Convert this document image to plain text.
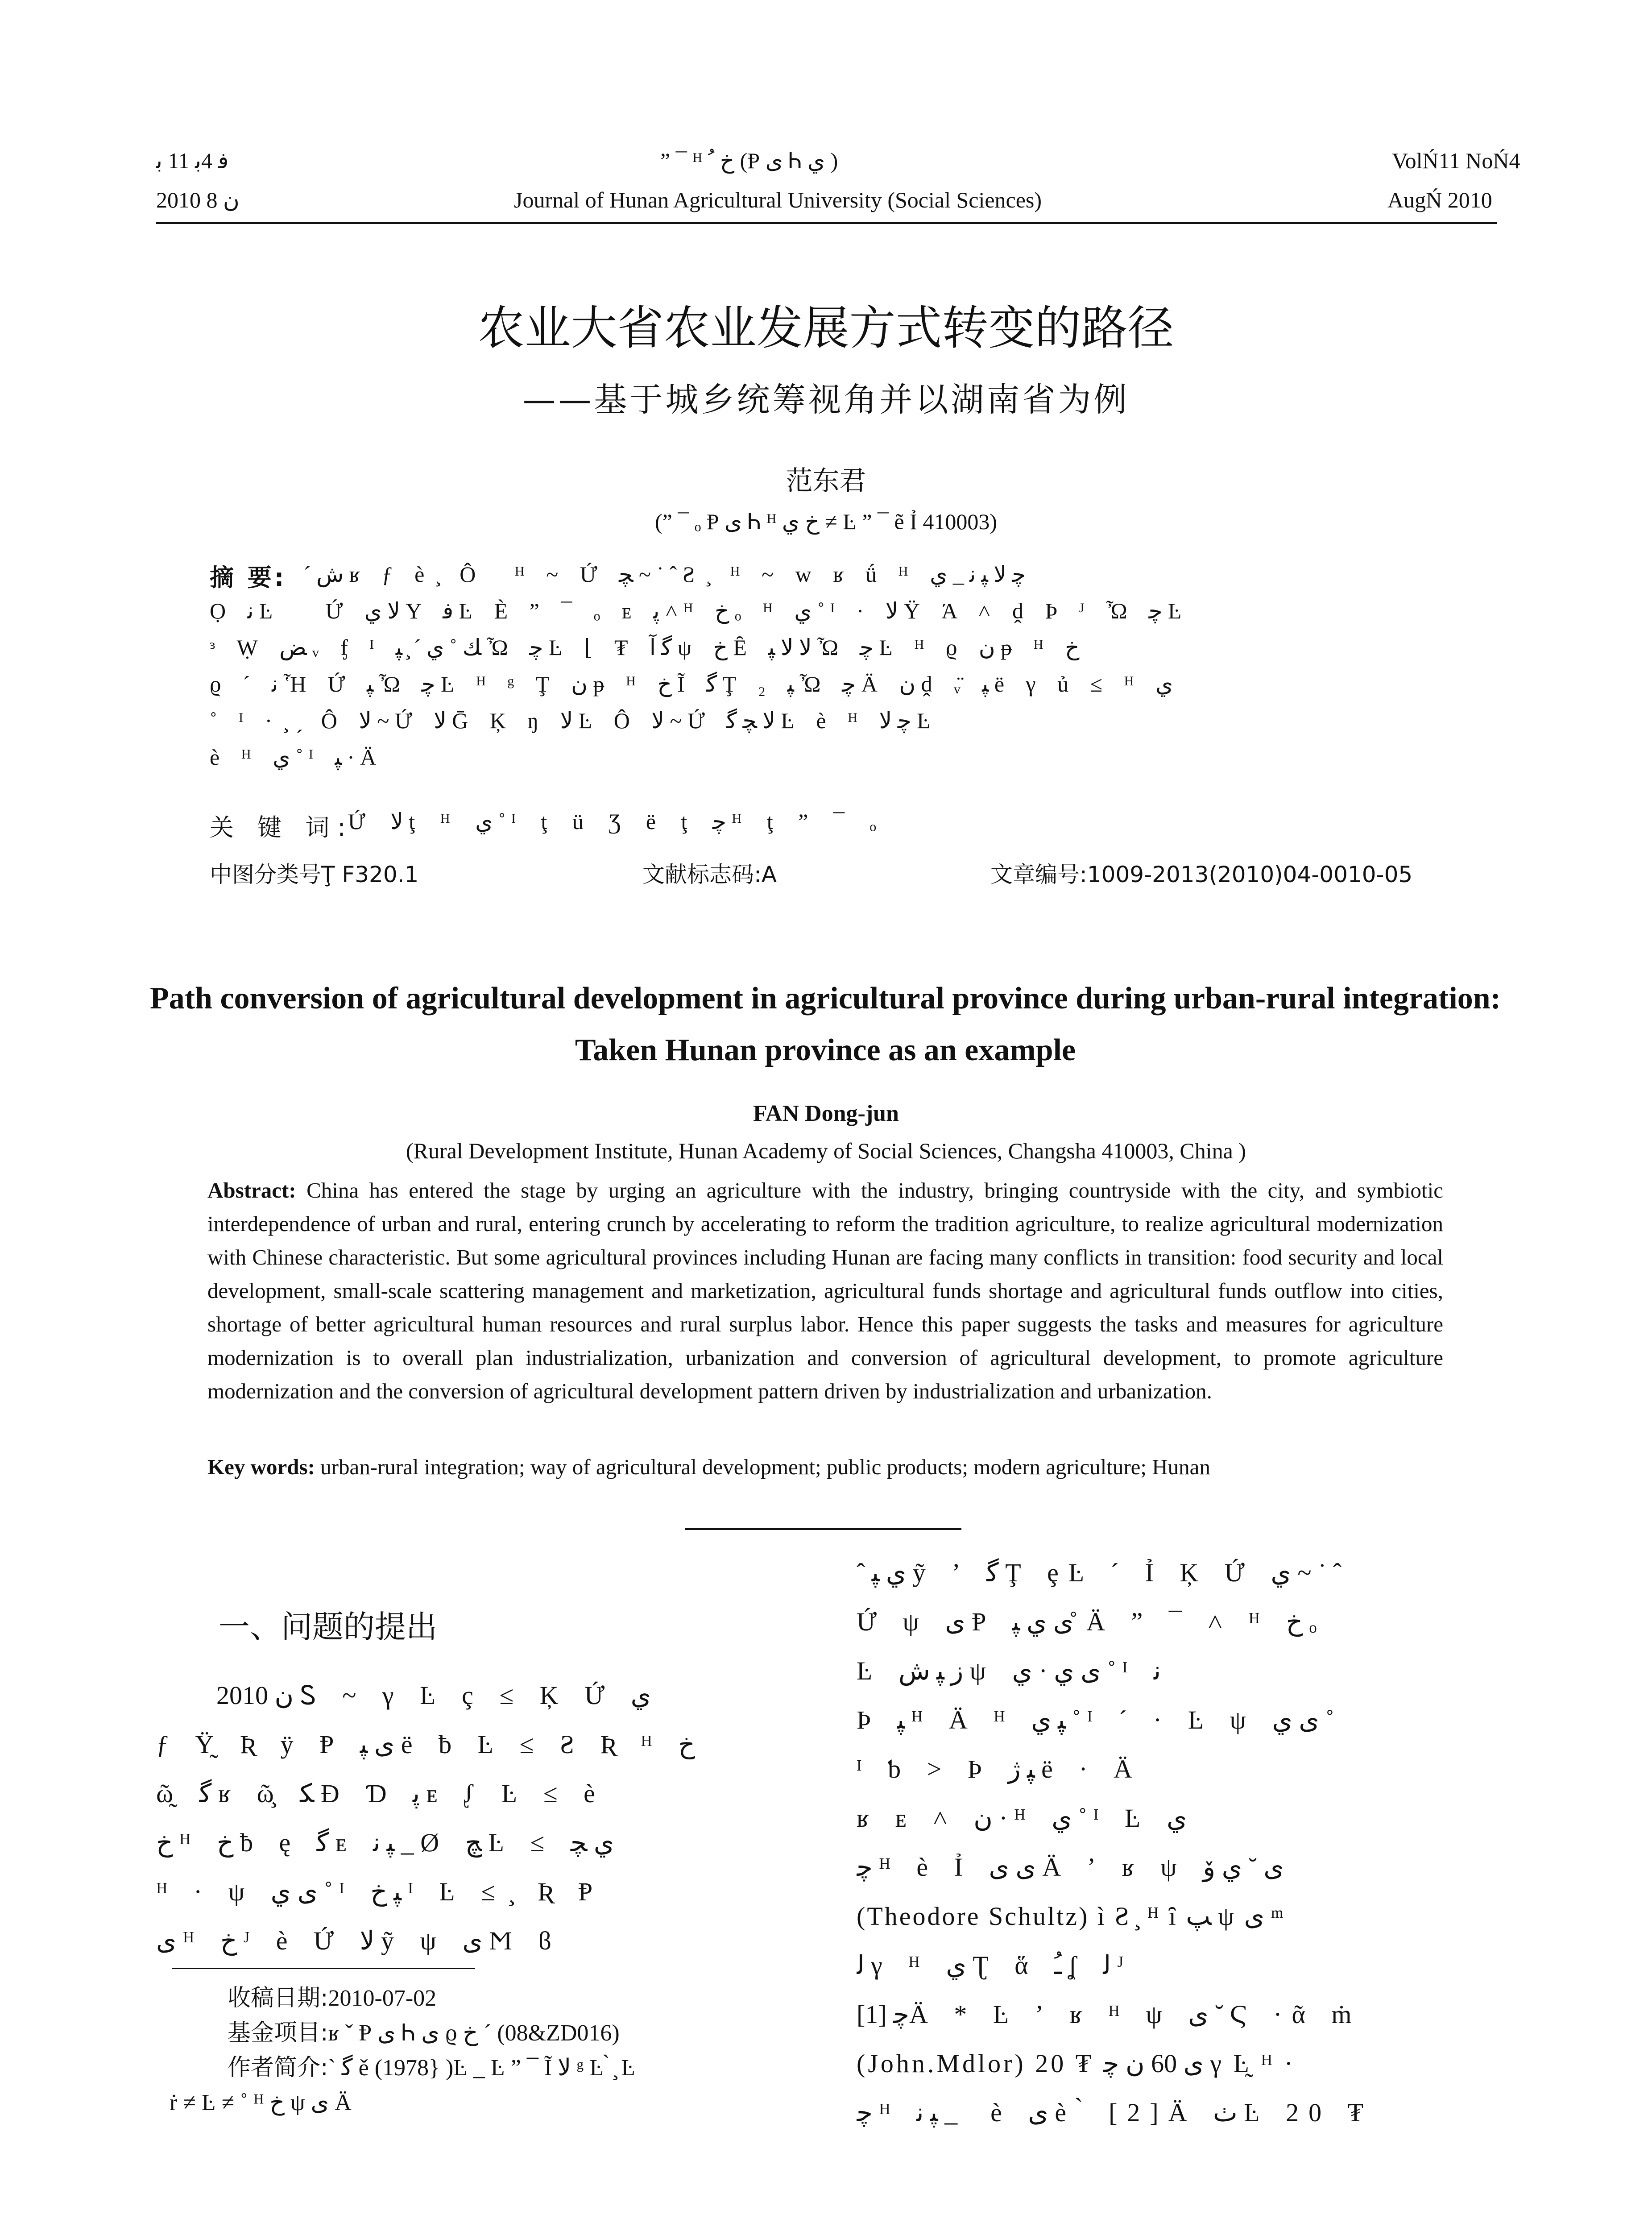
ﻓ 4ﺑ 11 ﺑ
2010 ﻥ 8
” ¯ ᴴ ﺥ ﹸ (Ᵽ ﻯ Ꮒ ي )
Journal of Hunan Agricultural University (Social Sciences)
VolŃ11 NoŃ4
AugŃ 2010
农业大省农业发展方式转变的路径
——基于城乡统筹视角并以湖南省为例
范东君
(” ¯ ₒ Ᵽ ﻯ Ꮒ ᴴ ﺥ ي ≠ Ŀ ” ¯ ẽ Ỉ 410003)
摘 要: ˊ ش ʁ ƒ è ̧ Ôᷓ ᴴ ~ Ứ ﭽ ~ ˙ ˆ Ƨ ̧ ᴴ ~ w ʁ ǘ ᴴ ﭼ ﻻ ﭙ ﻧ _ ي
Ọ ﻧ Ŀ ᷓ Ứ ﻻ ي Y ﻓ Ŀ È ” ¯ ₒ ᴇ ﭘ ˄ ᴴ ﺥ ₒ ᴴ ي ˚ ᴵ · ﻻ Ÿ Ά ˄ ḓ Þ ᴶ Ὦ ﭼ Ŀ
ᶟ Ẉ ﺾ ᵥ ᶂ ᴵ ﻚ ˚ ي ˊ ̧ ﭙ Ὦ ﭼ Ŀ ⌊ ₮ ﮔ ﺁ ψ ﺥ Ȇ ﻻ ﻻ ﭙ Ὦ ﭼ Ŀ ᴴ ϱ ﻥ ᵽ ᴴ ﺥ
ϱ ˊ ﻧ Ἧ Ứ ﭙ Ὦ ﭼ Ŀ ᴴ ᵍ Ţ ﻥ ᵽ ᴴ ﺥ Ĩ ﮔ Ţ ₂ ﭙ Ὦ ﭼ Ä ن ḓ ᵥ̈ ﭙ ë γ ủ ≤ ᴴ ي
˚ ᴵ · ̧ ̗ Ô ﻻ ~ Ứ ﻻ Ḡ Ķ ŋ ﻻ Ŀ Ô ﻻ ~ Ứ ﻻ ﭽ ﮔ Ŀ è ᴴ ﭼ ﻻ Ŀ ᷓ
è ᴴ ي ˚ ᴵ ﭙ · Ä
关 键 词:
Ứ ﻻ ţ ᴴ ي ˚ ᴵ ţ ü Ʒ ë ţ ﭼ ᴴ ţ ” ¯ ₒ
中图分类号Ţ F320.1	文献标志码:A	文章编号:1009-2013(2010)04-0010-05
Path conversion of agricultural development in agricultural province during urban-rural integration: Taken Hunan province as an example
FAN Dong-jun
(Rural Development Institute, Hunan Academy of Social Sciences, Changsha 410003, China )
Abstract: China has entered the stage by urging an agriculture with the industry, bringing countryside with the city, and symbiotic interdependence of urban and rural, entering crunch by accelerating to reform the tradition agriculture, to realize agricultural modernization with Chinese characteristic. But some agricultural provinces including Hunan are facing many conflicts in transition: food security and local development, small-scale scattering management and marketization, agricultural funds shortage and agricultural funds outflow into cities, shortage of better agricultural human resources and rural surplus labor. Hence this paper suggests the tasks and measures for agriculture modernization is to overall plan industrialization, urbanization and conversion of agricultural development, to promote agriculture modernization and the conversion of agricultural development pattern driven by industrialization and urbanization.
Key words: urban-rural integration; way of agricultural development; public products; modern agriculture; Hunan
一、问题的提出
2010 ﻥ Ꮪ ~ γ Ŀ ç ≤ Ķ Ứ ي
ƒ Ÿ̰ Ʀ ÿ Ᵽ ﻯ ﭙ ë ƀ Ŀ ≤ Ƨ Ʀ ᴴ ﺥ
ῶ̰ ﮔ ʁ ῶ̧ ﮑ Ɖ Ɗ ﭘ ᴇ ᶘ Ŀ ≤ è
ﺥ ᴴ ﺥ ƀ ę ﮔ ᴇ ﭙ ﻧ _ Ø ﭻ Ŀ ≤ ي ﭽ
ᴴ · ψ ﻯ ي ˚ ᴵ ﭙ ﺥ ᴵ Ŀ ≤ ̧ Ʀ Ᵽ
ﻯ ᴴ ﺥ ᴶ è Ứ ﻻ ỹ ψ ﻯ Ϻ ϐ
收稿日期:2010-07-02
基金项目:ʁ ˇ Ᵽ ﻯ Ꮒ ﻯ ϱ ﺥ ˊ (08&ZD016)
作者简介:ˋ ﮔ ě (1978} )Ŀ _ Ŀ ” ¯ Ĩ ﻻ ᵍ Ŀ ̀ ̧ Ŀ
ṙ ≠ Ŀ ≠ ˚ ᴴ ﺥ ψ ﻯ Ä
ˆ ي ﭙ ỹ ʼ ﮔ Ţ ȩĿ ˊ Ỉ Ķ Ứ ي ~ ˙ ˆ
Ứ ψ ﻯ Ᵽ ﻯ ي ﭙ ̊ Ä ” ¯ ˄ ᴴ ﺥ ₒ
Ŀ ﺯ ﭙ ﺵ ψ ﻯ ي · ي ˚ ᴵ ﻧ
Þ ﭙ ᴴ Ä ᴴ ﭙ ي ˚ ᴵ ˊ · Ŀ ψ ﻯ ي ˚
ᴵ ƅ > Þ ﭙ ژ ë · Ä
ʁ ᴇ ˄ ن · ᴴ ي ˚ ᴵ Ŀ ي
ﭼ ᴴ è Ỉ ﻯ ﻯ Ä ʼ ʁ ψ ﻯ ˘ ي ۆ
(Theodore Schultz) ì Ƨ ̧ ᴴ ȋ ﭗ ψ ﻯ ᵐ
ﻟ γ ᴴ ي Ʈ ἅ ﹹ ʆ ﻟ ᴶ
ﭼ [1]Ä * Ŀ ʼ ʁ ᴴ ψ ﻯ ˘ Ϛ ·ᾶ ṁ
(John.Mdlor) 20 ₮ ﻯ 60 ﻥ ﭼ γ Ŀ̰ ᴴ ·
ﭼ ᴴ ﭙ ﻧ _ ᷓ è ﻯ è ̀ [2]Ä ٺ Ŀ 20 ₮
